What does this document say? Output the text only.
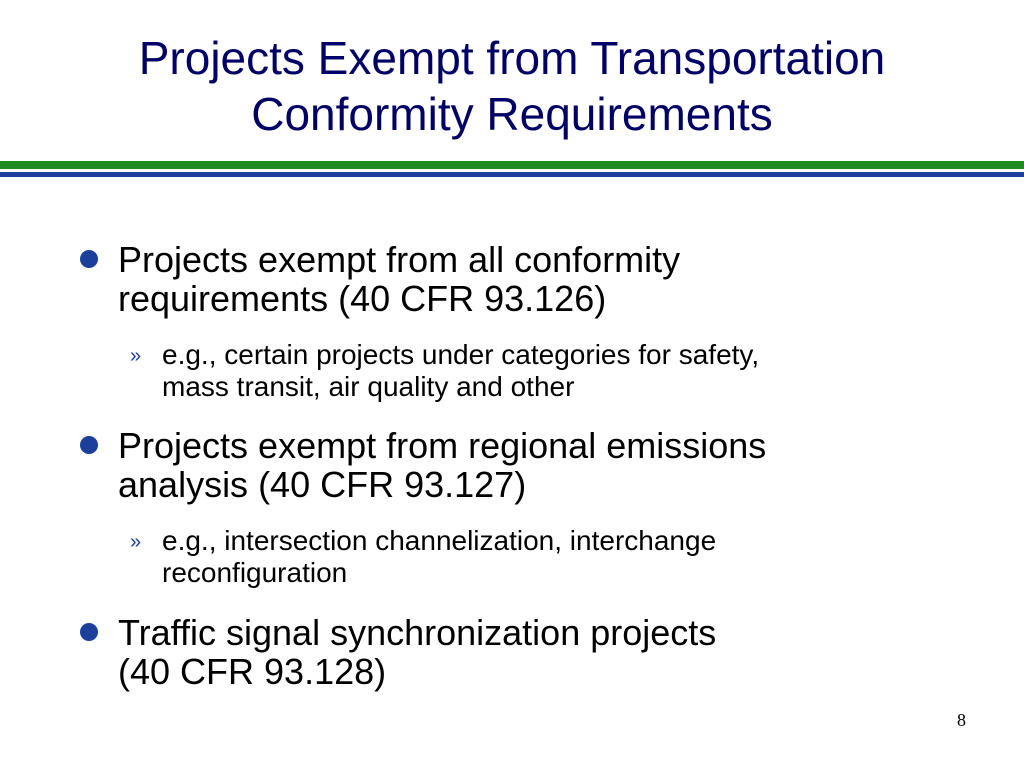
Projects Exempt from Transportation
Conformity Requirements
Projects exempt from all conformity
requirements (40 CFR 93.126)
» e.g., certain projects under categories for safety,
mass transit, air quality and other
Projects exempt from regional emissions
analysis (40 CFR 93.127)
» e.g., intersection channelization, interchange
reconfiguration
Traffic signal synchronization projects
(40 CFR 93.128)
8
